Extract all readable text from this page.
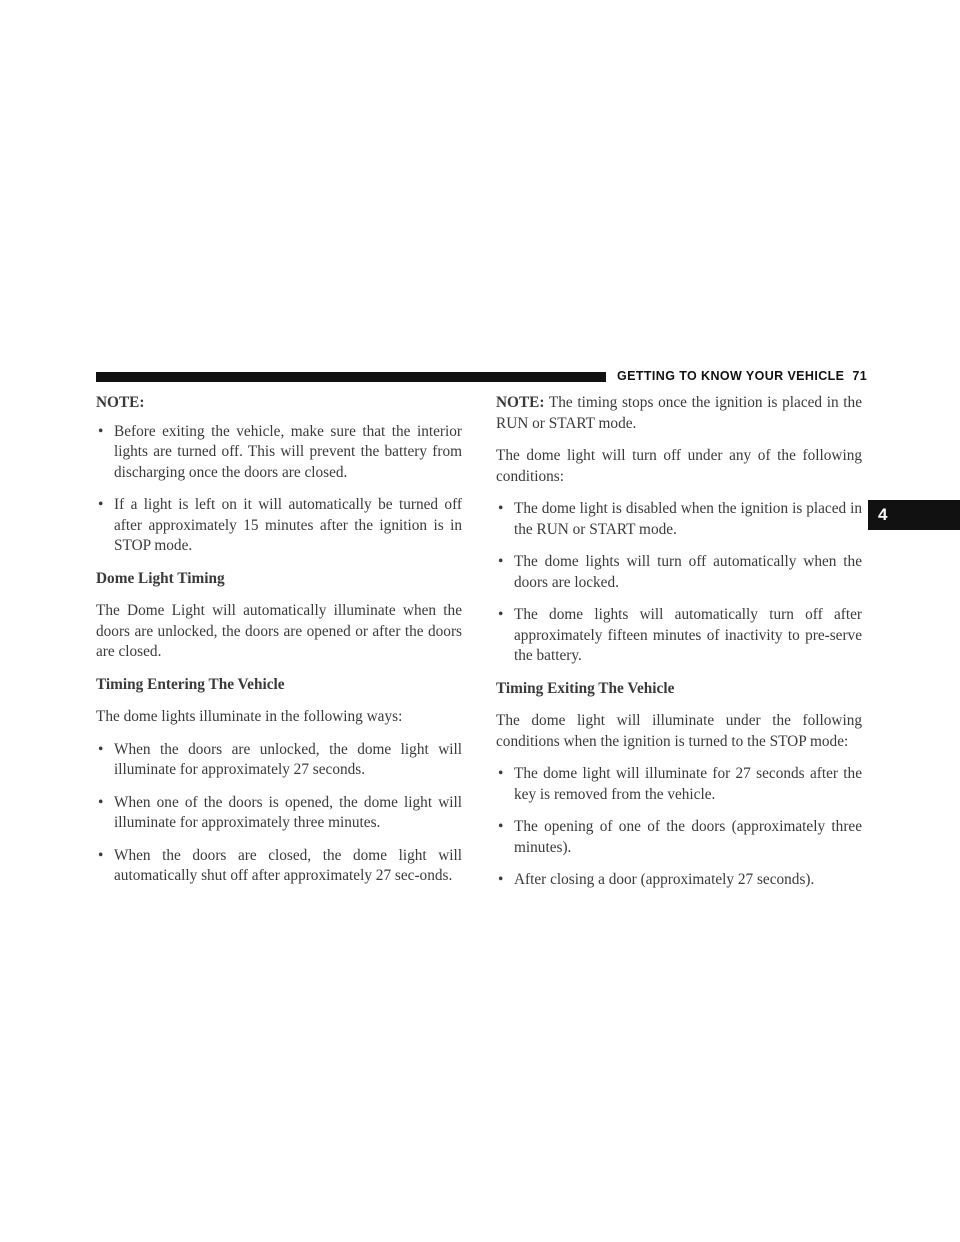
GETTING TO KNOW YOUR VEHICLE 71
4

NOTE:

• Before exiting the vehicle, make sure that the interior lights are turned off. This will prevent the battery from discharging once the doors are closed.
• If a light is left on it will automatically be turned off after approximately 15 minutes after the ignition is in STOP mode.
Dome Light Timing

The Dome Light will automatically illuminate when the doors are unlocked, the doors are opened or after the doors are closed.

Timing Entering The Vehicle

The dome lights illuminate in the following ways:

• When the doors are unlocked, the dome light will illuminate for approximately 27 seconds.
• When one of the doors is opened, the dome light will illuminate for approximately three minutes.
• When the doors are closed, the dome light will automatically shut off after approximately 27 sec-onds.

NOTE: The timing stops once the ignition is placed in the RUN or START mode.

The dome light will turn off under any of the following conditions:

• The dome light is disabled when the ignition is placed in the RUN or START mode.
• The dome lights will turn off automatically when the doors are locked.
• The dome lights will automatically turn off after approximately fifteen minutes of inactivity to pre-serve the battery.
Timing Exiting The Vehicle

The dome light will illuminate under the following conditions when the ignition is turned to the STOP mode:

• The dome light will illuminate for 27 seconds after the key is removed from the vehicle.
• The opening of one of the doors (approximately three minutes).
• After closing a door (approximately 27 seconds).
